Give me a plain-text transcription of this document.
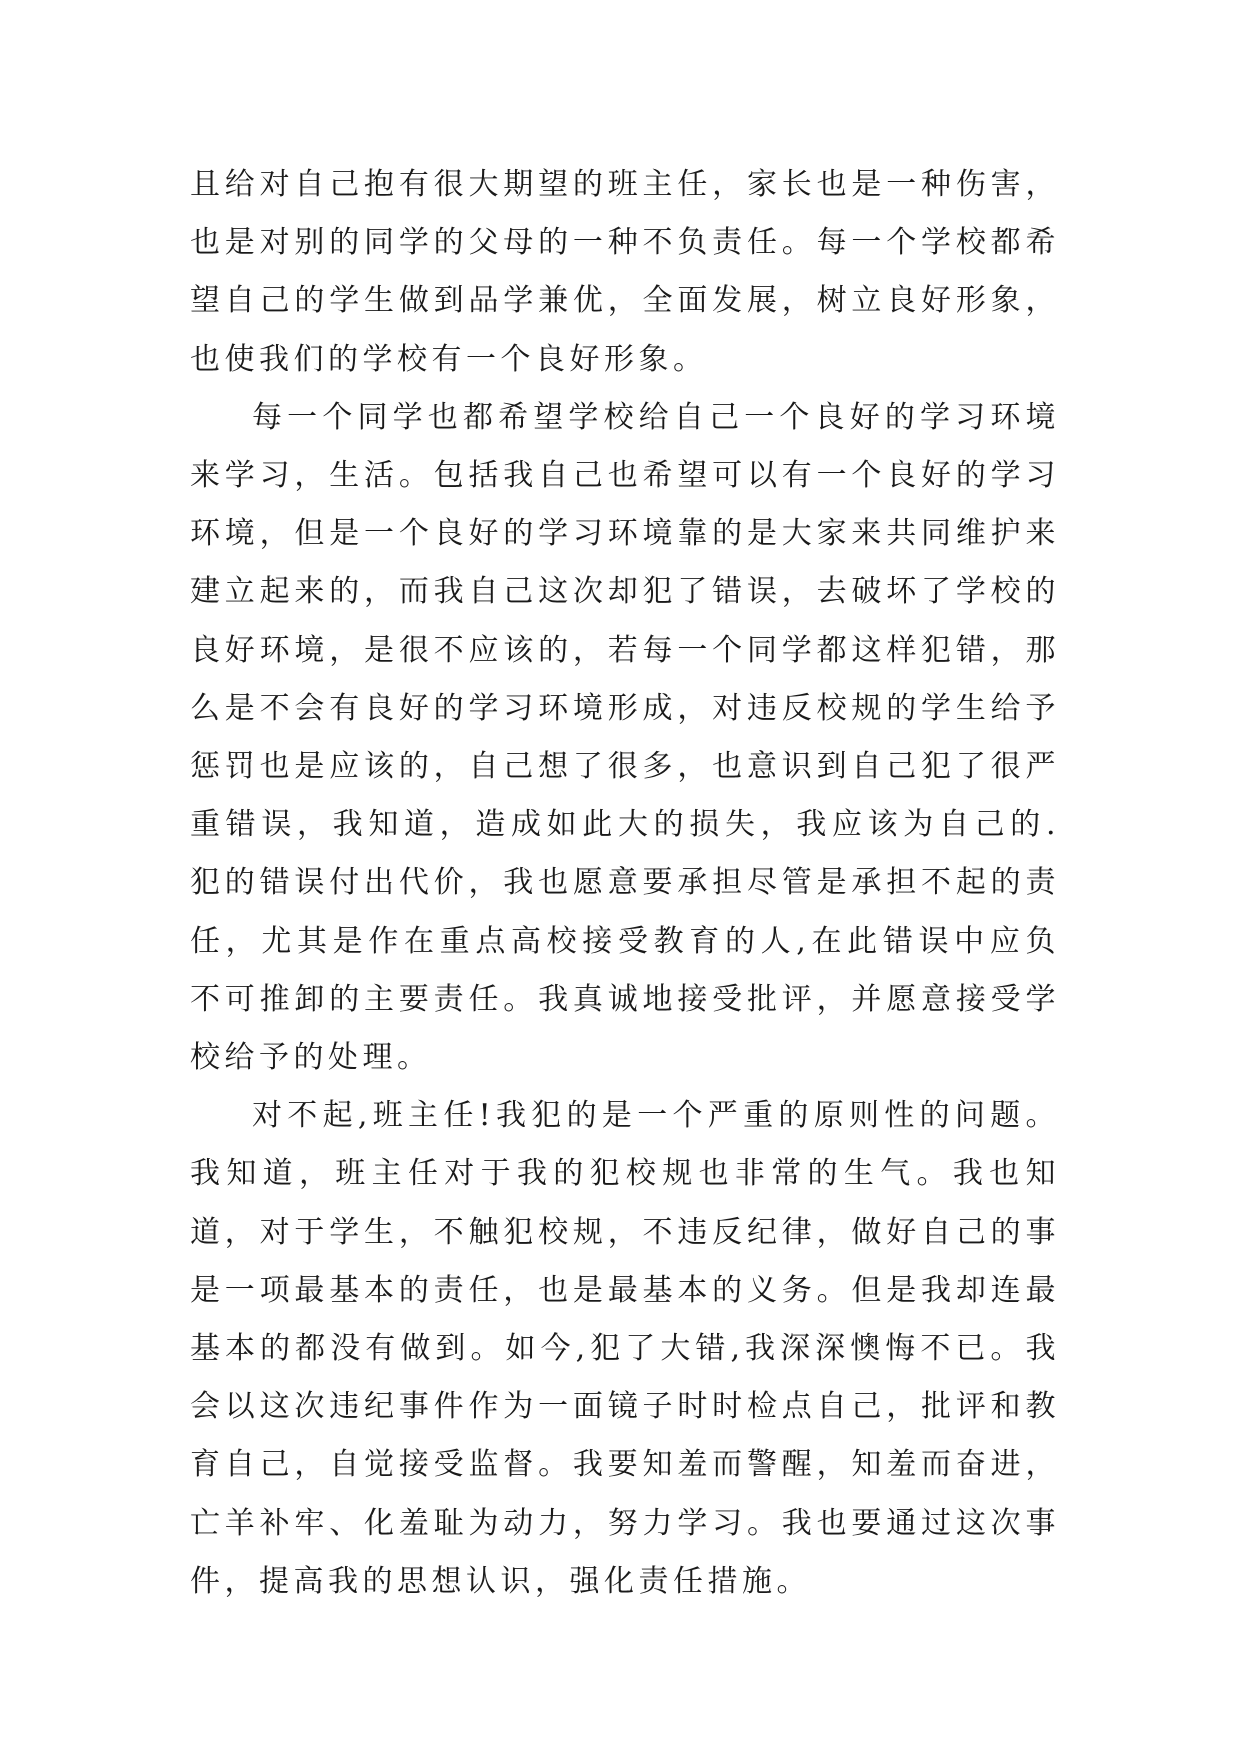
且给对自己抱有很大期望的班主任，家长也是一种伤害，也是对别的同学的父母的一种不负责任。每一个学校都希望自己的学生做到品学兼优，全面发展，树立良好形象，也使我们的学校有一个良好形象。

每一个同学也都希望学校给自己一个良好的学习环境来学习，生活。包括我自己也希望可以有一个良好的学习环境，但是一个良好的学习环境靠的是大家来共同维护来建立起来的，而我自己这次却犯了错误，去破坏了学校的良好环境，是很不应该的，若每一个同学都这样犯错，那么是不会有良好的学习环境形成，对违反校规的学生给予惩罚也是应该的，自己想了很多，也意识到自己犯了很严重错误，我知道，造成如此大的损失，我应该为自己的.犯的错误付出代价，我也愿意要承担尽管是承担不起的责任，尤其是作在重点高校接受教育的人,在此错误中应负不可推卸的主要责任。我真诚地接受批评，并愿意接受学校给予的处理。

对不起,班主任!我犯的是一个严重的原则性的问题。我知道，班主任对于我的犯校规也非常的生气。我也知道，对于学生，不触犯校规，不违反纪律，做好自己的事是一项最基本的责任，也是最基本的义务。但是我却连最基本的都没有做到。如今,犯了大错,我深深懊悔不已。我会以这次违纪事件作为一面镜子时时检点自己，批评和教育自己，自觉接受监督。我要知羞而警醒，知羞而奋进，亡羊补牢、化羞耻为动力，努力学习。我也要通过这次事件，提高我的思想认识，强化责任措施。
